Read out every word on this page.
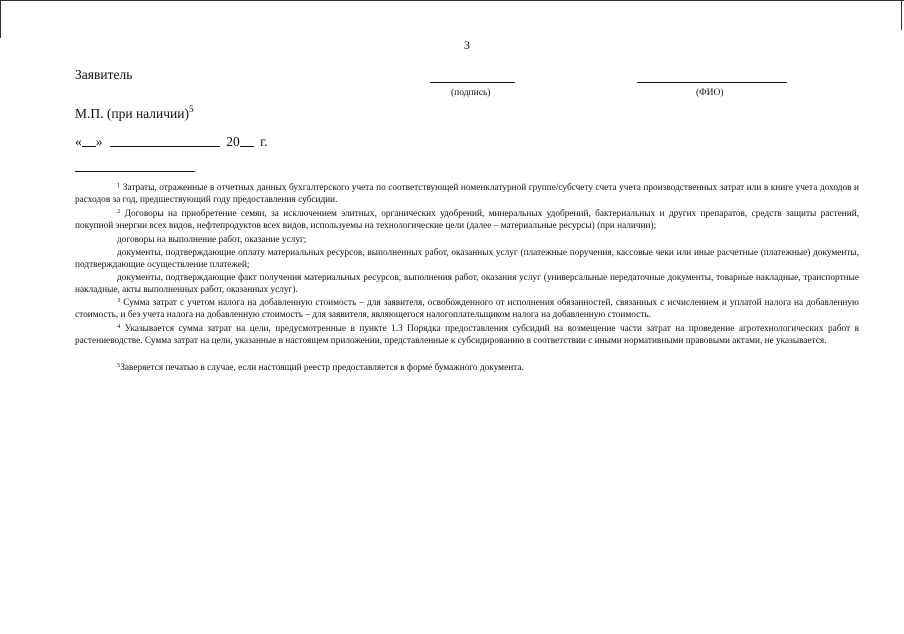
3
Заявитель
(подпись)	(ФИО)
М.П. (при наличии)$^5$
« »	20 г.
$^1$ Затраты, отраженные в отчетных данных бухгалтерского учета по соответствующей номенклатурной группе/субсчету счета учета производственных затрат или в книге учета доходов и расходов за год, предшествующий году предоставления субсидии.
$^2$ Договоры на приобретение семян, за исключением элитных, органических удобрений, минеральных удобрений, бактериальных и других препаратов, средств защиты растений, покупной энергии всех видов, нефтепродуктов всех видов, используемы на технологические цели (далее – материальные ресурсы) (при наличии);
договоры на выполнение работ, оказание услуг;
документы, подтверждающие оплату материальных ресурсов, выполненных работ, оказанных услуг (платежные поручения, кассовые чеки или иные расчетные (платежные) документы, подтверждающие осуществление платежей;
документы, подтверждающие факт получения материальных ресурсов, выполнения работ, оказания услуг (универсальные передаточные документы, товарные накладные, транспортные накладные, акты выполненных работ, оказанных услуг).
$^3$ Сумма затрат с учетом налога на добавленную стоимость – для заявителя, освобожденного от исполнения обязанностей, связанных с исчислением и уплатой налога на добавленную стоимость, и без учета налога на добавленную стоимость – для заявителя, являющегося налогоплательщиком налога на добавленную стоимость.
$^4$ Указывается сумма затрат на цели, предусмотренные в пункте 1.3 Порядка предоставления субсидий на возмещение части затрат на проведение агротехнологических работ в растениеводстве. Сумма затрат на цели, указанные в настоящем приложении, представленные к субсидированию в соответствии с иными нормативными правовыми актами, не указывается.
$^5$Заверяется печатью в случае, если настоящий реестр предоставляется в форме бумажного документа.
